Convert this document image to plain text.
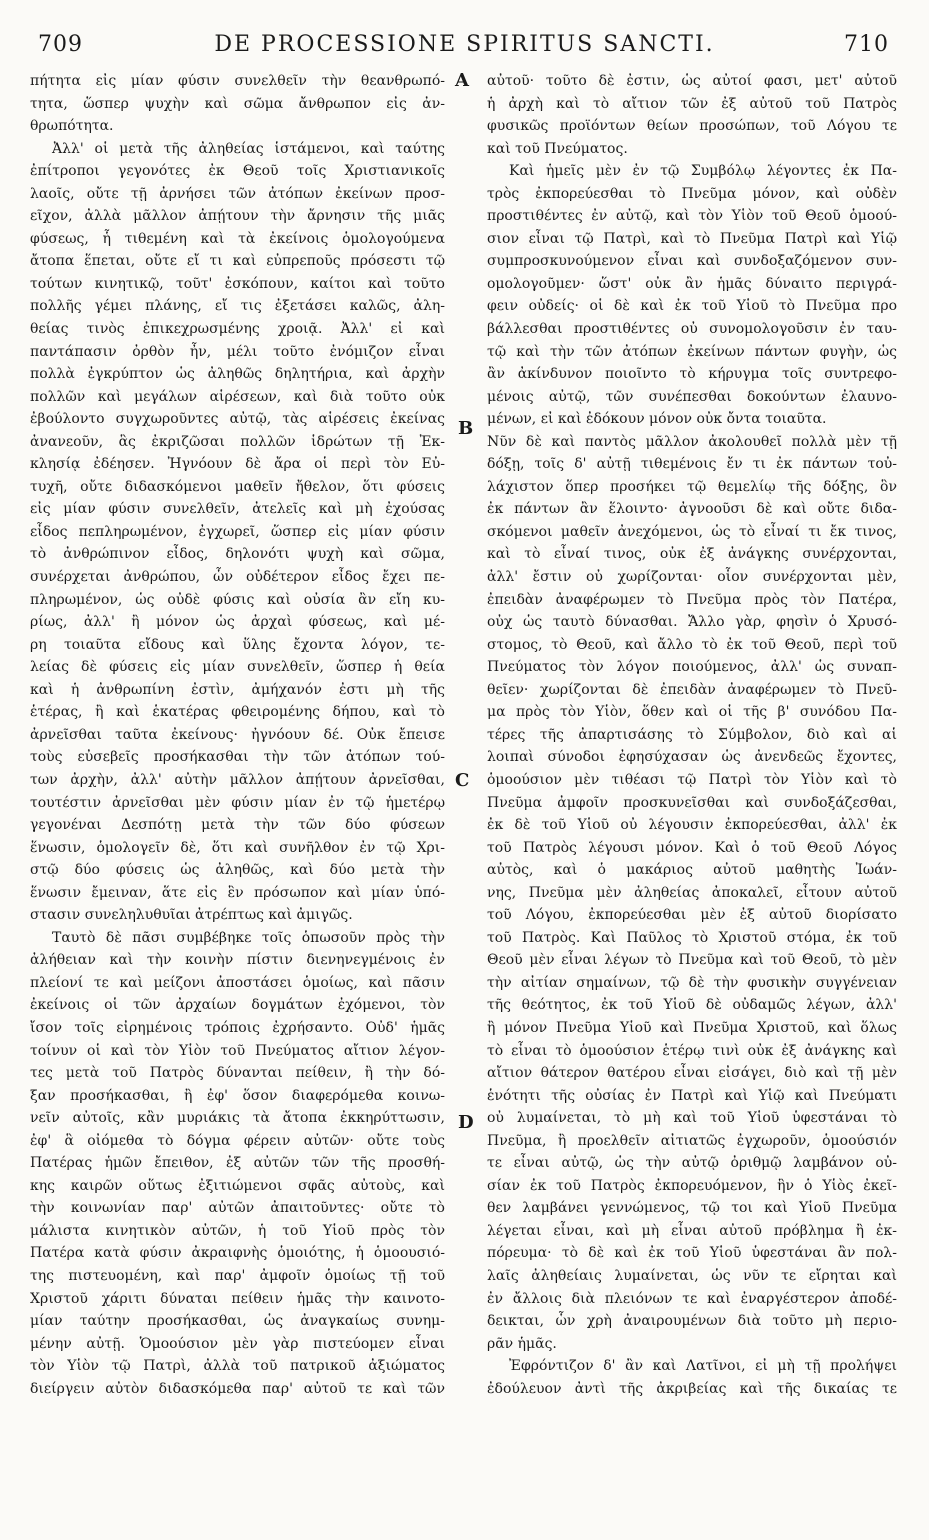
709	DE PROCESSIONE SPIRITUS SANCTI.	710
πήτητα εἰς μίαν φύσιν συνελθεῖν τὴν θεανθρωπό-
τητα, ὥσπερ ψυχὴν καὶ σῶμα ἄνθρωπον εἰς ἀν-
θρωπότητα.
Ἀλλ' οἱ μετὰ τῆς ἀληθείας ἱστάμενοι, καὶ ταύτης
ἐπίτροποι γεγονότες ἐκ Θεοῦ τοῖς Χριστιανικοῖς
λαοῖς, οὔτε τῇ ἀρνήσει τῶν ἀτόπων ἐκείνων προσ-
εῖχον, ἀλλὰ μᾶλλον ἀπῄτουν τὴν ἄρνησιν τῆς μιᾶς
φύσεως, ἧ τιθεμένη καὶ τὰ ἐκείνοις ὁμολογούμενα
ἄτοπα ἕπεται, οὔτε εἴ τι καὶ εὐπρεποῦς πρόσεστι τῷ
τούτων κινητικῷ, τοῦτ' ἐσκόπουν, καίτοι καὶ τοῦτο
πολλῆς γέμει πλάνης, εἴ τις ἐξετάσει καλῶς, ἀλη-
θείας τινὸς ἐπικεχρωσμένης χροιᾷ. Ἀλλ' εἰ καὶ
παντάπασιν ὀρθὸν ἦν, μέλι τοῦτο ἐνόμιζον εἶναι
πολλὰ ἐγκρύπτον ὡς ἀληθῶς δηλητήρια, καὶ ἀρχὴν
πολλῶν καὶ μεγάλων αἱρέσεων, καὶ διὰ τοῦτο οὐκ
ἐβούλοντο συγχωροῦντες αὐτῷ, τὰς αἱρέσεις ἐκείνας
ἀνανεοῦν, ἃς ἐκριζῶσαι πολλῶν ἱδρώτων τῇ Ἐκ-
κλησίᾳ ἐδέησεν. Ἠγνόουν δὲ ἄρα οἱ περὶ τὸν Εὐ-
τυχῆ, οὔτε διδασκόμενοι μαθεῖν ἤθελον, ὅτι φύσεις
εἰς μίαν φύσιν συνελθεῖν, ἀτελεῖς καὶ μὴ ἐχούσας
εἶδος πεπληρωμένον, ἐγχωρεῖ, ὥσπερ εἰς μίαν φύσιν
τὸ ἀνθρώπινον εἶδος, δηλονότι ψυχὴ καὶ σῶμα,
συνέρχεται ἀνθρώπου, ὧν οὐδέτερον εἶδος ἔχει πε-
πληρωμένον, ὡς οὐδὲ φύσις καὶ οὐσία ἂν εἴη κυ-
ρίως, ἀλλ' ἢ μόνον ὡς ἀρχαὶ φύσεως, καὶ μέ-
ρη τοιαῦτα εἴδους καὶ ὕλης ἔχοντα λόγον, τε-
λείας δὲ φύσεις εἰς μίαν συνελθεῖν, ὥσπερ ἡ θεία
καὶ ἡ ἀνθρωπίνη ἐστὶν, ἀμήχανόν ἐστι μὴ τῆς
ἑτέρας, ἢ καὶ ἑκατέρας φθειρομένης δήπου, καὶ τὸ
ἀρνεῖσθαι ταῦτα ἐκείνους· ἠγνόουν δέ. Οὐκ ἔπεισε
τοὺς εὐσεβεῖς προσήκασθαι τὴν τῶν ἀτόπων τού-
των ἀρχὴν, ἀλλ' αὐτὴν μᾶλλον ἀπῄτουν ἀρνεῖσθαι,
τουτέστιν ἀρνεῖσθαι μὲν φύσιν μίαν ἐν τῷ ἡμετέρῳ
γεγονέναι Δεσπότῃ μετὰ τὴν τῶν δύο φύσεων
ἕνωσιν, ὁμολογεῖν δὲ, ὅτι καὶ συνῆλθον ἐν τῷ Χρι-
στῷ δύο φύσεις ὡς ἀληθῶς, καὶ δύο μετὰ τὴν
ἕνωσιν ἔμειναν, ἅτε εἰς ἓν πρόσωπον καὶ μίαν ὑπό-
στασιν συνεληλυθυῖαι ἀτρέπτως καὶ ἀμιγῶς.
Ταυτὸ δὲ πᾶσι συμβέβηκε τοῖς ὁπωσοῦν πρὸς τὴν
ἀλήθειαν καὶ τὴν κοινὴν πίστιν διενηνεγμένοις ἐν
πλείονί τε καὶ μείζονι ἀποστάσει ὁμοίως, καὶ πᾶσιν
ἐκείνοις οἱ τῶν ἀρχαίων δογμάτων ἐχόμενοι, τὸν
ἴσον τοῖς εἰρημένοις τρόποις ἐχρήσαντο. Οὐδ' ἡμᾶς
τοίνυν οἱ καὶ τὸν Υἱὸν τοῦ Πνεύματος αἴτιον λέγον-
τες μετὰ τοῦ Πατρὸς δύνανται πείθειν, ἢ τὴν δό-
ξαν προσήκασθαι, ἢ ἐφ' ὅσον διαφερόμεθα κοινω-
νεῖν αὐτοῖς, κἂν μυριάκις τὰ ἄτοπα ἐκκηρύττωσιν,
ἐφ' ἃ οἰόμεθα τὸ δόγμα φέρειν αὐτῶν· οὔτε τοὺς
Πατέρας ἡμῶν ἔπειθον, ἐξ αὐτῶν τῶν τῆς προσθή-
κης καιρῶν οὕτως ἐξιτιώμενοι σφᾶς αὐτοὺς, καὶ
τὴν κοινωνίαν παρ' αὐτῶν ἀπαιτοῦντες· οὔτε τὸ
μάλιστα κινητικὸν αὐτῶν, ἡ τοῦ Υἱοῦ πρὸς τὸν
Πατέρα κατὰ φύσιν ἀκραιφνὴς ὁμοιότης, ἡ ὁμοουσιό-
της πιστευομένη, καὶ παρ' ἀμφοῖν ὁμοίως τῇ τοῦ
Χριστοῦ χάριτι δύναται πείθειν ἡμᾶς τὴν καινοτο-
μίαν ταύτην προσήκασθαι, ὡς ἀναγκαίως συνημ-
μένην αὐτῇ. Ὁμοούσιον μὲν γὰρ πιστεύομεν εἶναι
τὸν Υἱὸν τῷ Πατρὶ, ἀλλὰ τοῦ πατρικοῦ ἀξιώματος
διείργειν αὐτὸν διδασκόμεθα παρ' αὐτοῦ τε καὶ τῶν
αὐτοῦ· τοῦτο δὲ ἐστιν, ὡς αὐτοί φασι, μετ' αὐτοῦ
ἡ ἀρχὴ καὶ τὸ αἴτιον τῶν ἐξ αὐτοῦ τοῦ Πατρὸς
φυσικῶς προϊόντων θείων προσώπων, τοῦ Λόγου τε
καὶ τοῦ Πνεύματος.
Καὶ ἡμεῖς μὲν ἐν τῷ Συμβόλῳ λέγοντες ἐκ Πα-
τρὸς ἐκπορεύεσθαι τὸ Πνεῦμα μόνον, καὶ οὐδὲν
προστιθέντες ἐν αὐτῷ, καὶ τὸν Υἱὸν τοῦ Θεοῦ ὁμοού-
σιον εἶναι τῷ Πατρὶ, καὶ τὸ Πνεῦμα Πατρὶ καὶ Υἱῷ
συμπροσκυνούμενον εἶναι καὶ συνδοξαζόμενον συν-
ομολογοῦμεν· ὥστ' οὐκ ἂν ἡμᾶς δύναιτο περιγρά-
φειν οὐδείς· οἱ δὲ καὶ ἐκ τοῦ Υἱοῦ τὸ Πνεῦμα προ
βάλλεσθαι προστιθέντες οὐ συνομολογοῦσιν ἐν ταυ-
τῷ καὶ τὴν τῶν ἀτόπων ἐκείνων πάντων φυγὴν, ὡς
ἂν ἀκίνδυνον ποιοῖντο τὸ κήρυγμα τοῖς συντρεφο-
μένοις αὐτῷ, τῶν συνέπεσθαι δοκούντων ἐλαυνο-
μένων, εἰ καὶ ἐδόκουν μόνον οὐκ ὄντα τοιαῦτα.
Νῦν δὲ καὶ παντὸς μᾶλλον ἀκολουθεῖ πολλὰ μὲν τῇ
δόξῃ, τοῖς δ' αὐτῇ τιθεμένοις ἔν τι ἐκ πάντων τοὐ-
λάχιστον ὅπερ προσήκει τῷ θεμελίῳ τῆς δόξης, ὃν
ἐκ πάντων ἂν ἕλοιντο· ἀγνοοῦσι δὲ καὶ οὔτε διδα-
σκόμενοι μαθεῖν ἀνεχόμενοι, ὡς τὸ εἶναί τι ἔκ τινος,
καὶ τὸ εἶναί τινος, οὐκ ἐξ ἀνάγκης συνέρχονται,
ἀλλ' ἔστιν οὐ χωρίζονται· οἷον συνέρχονται μὲν,
ἐπειδὰν ἀναφέρωμεν τὸ Πνεῦμα πρὸς τὸν Πατέρα,
οὐχ ὡς ταυτὸ δύνασθαι. Ἄλλο γὰρ, φησὶν ὁ Χρυσό-
στομος, τὸ Θεοῦ, καὶ ἄλλο τὸ ἐκ τοῦ Θεοῦ, περὶ τοῦ
Πνεύματος τὸν λόγον ποιούμενος, ἀλλ' ὡς συναπ-
θεῖεν· χωρίζονται δὲ ἐπειδὰν ἀναφέρωμεν τὸ Πνεῦ-
μα πρὸς τὸν Υἱὸν, ὅθεν καὶ οἱ τῆς β' συνόδου Πα-
τέρες τῆς ἀπαρτισάσης τὸ Σύμβολον, διὸ καὶ αἱ
λοιπαὶ σύνοδοι ἐφησύχασαν ὡς ἀνενδεῶς ἔχοντες,
ὁμοούσιον μὲν τιθέασι τῷ Πατρὶ τὸν Υἱὸν καὶ τὸ
Πνεῦμα ἀμφοῖν προσκυνεῖσθαι καὶ συνδοξάζεσθαι,
ἐκ δὲ τοῦ Υἱοῦ οὐ λέγουσιν ἐκπορεύεσθαι, ἀλλ' ἐκ
τοῦ Πατρὸς λέγουσι μόνον. Καὶ ὁ τοῦ Θεοῦ Λόγος
αὐτὸς, καὶ ὁ μακάριος αὐτοῦ μαθητὴς Ἰωάν-
νης, Πνεῦμα μὲν ἀληθείας ἀποκαλεῖ, εἶτουν αὐτοῦ
τοῦ Λόγου, ἐκπορεύεσθαι μὲν ἐξ αὐτοῦ διορίσατο
τοῦ Πατρὸς. Καὶ Παῦλος τὸ Χριστοῦ στόμα, ἐκ τοῦ
Θεοῦ μὲν εἶναι λέγων τὸ Πνεῦμα καὶ τοῦ Θεοῦ, τὸ μὲν
τὴν αἰτίαν σημαίνων, τῷ δὲ τὴν φυσικὴν συγγένειαν
τῆς θεότητος, ἐκ τοῦ Υἱοῦ δὲ οὐδαμῶς λέγων, ἀλλ'
ἢ μόνον Πνεῦμα Υἱοῦ καὶ Πνεῦμα Χριστοῦ, καὶ ὅλως
τὸ εἶναι τὸ ὁμοούσιον ἑτέρῳ τινὶ οὐκ ἐξ ἀνάγκης καὶ
αἴτιον θάτερον θατέρου εἶναι εἰσάγει, διὸ καὶ τῇ μὲν
ἑνότητι τῆς οὐσίας ἐν Πατρὶ καὶ Υἱῷ καὶ Πνεύματι
οὐ λυμαίνεται, τὸ μὴ καὶ τοῦ Υἱοῦ ὑφεστάναι τὸ
Πνεῦμα, ἢ προελθεῖν αἰτιατῶς ἐγχωροῦν, ὁμοούσιόν
τε εἶναι αὐτῷ, ὡς τὴν αὐτῷ ὀριθμῷ λαμβάνον οὐ-
σίαν ἐκ τοῦ Πατρὸς ἐκπορευόμενον, ἣν ὁ Υἱὸς ἐκεῖ-
θεν λαμβάνει γεννώμενος, τῷ τοι καὶ Υἱοῦ Πνεῦμα
λέγεται εἶναι, καὶ μὴ εἶναι αὐτοῦ πρόβλημα ἢ ἐκ-
πόρευμα· τὸ δὲ καὶ ἐκ τοῦ Υἱοῦ ὑφεστάναι ἂν πολ-
λαῖς ἀληθείαις λυμαίνεται, ὡς νῦν τε εἴρηται καὶ
ἐν ἄλλοις διὰ πλειόνων τε καὶ ἐναργέστερον ἀποδέ-
δεικται, ὧν χρὴ ἀναιρουμένων διὰ τοῦτο μὴ περιο-
ρᾶν ἡμᾶς.
Ἐφρόντιζον δ' ἂν καὶ Λατῖνοι, εἰ μὴ τῇ προλήψει
ἐδούλευον ἀντὶ τῆς ἀκριβείας καὶ τῆς δικαίας τε
A
B
C
D
